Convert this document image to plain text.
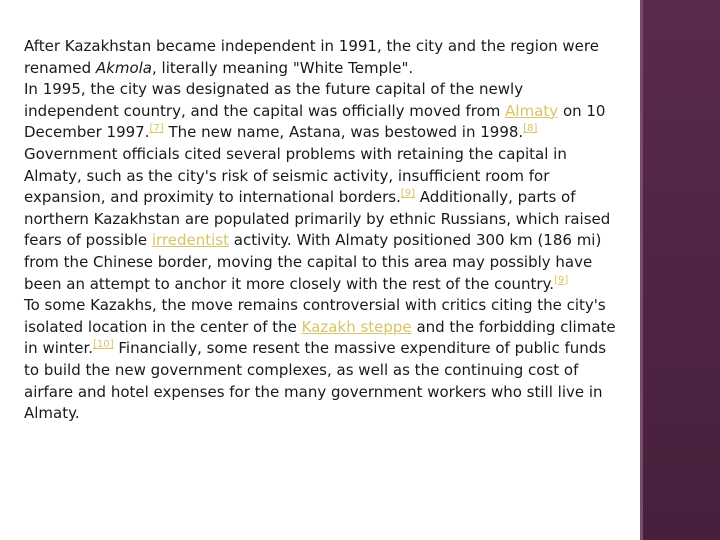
After Kazakhstan became independent in 1991, the city and the region were renamed Akmola, literally meaning "White Temple".

In 1995, the city was designated as the future capital of the newly independent country, and the capital was officially moved from Almaty on 10 December 1997.[7] The new name, Astana, was bestowed in 1998.[8]

Government officials cited several problems with retaining the capital in Almaty, such as the city's risk of seismic activity, insufficient room for expansion, and proximity to international borders.[9] Additionally, parts of northern Kazakhstan are populated primarily by ethnic Russians, which raised fears of possible irredentist activity. With Almaty positioned 300 km (186 mi) from the Chinese border, moving the capital to this area may possibly have been an attempt to anchor it more closely with the rest of the country.[9]

To some Kazakhs, the move remains controversial with critics citing the city's isolated location in the center of the Kazakh steppe and the forbidding climate in winter.[10] Financially, some resent the massive expenditure of public funds to build the new government complexes, as well as the continuing cost of airfare and hotel expenses for the many government workers who still live in Almaty.
